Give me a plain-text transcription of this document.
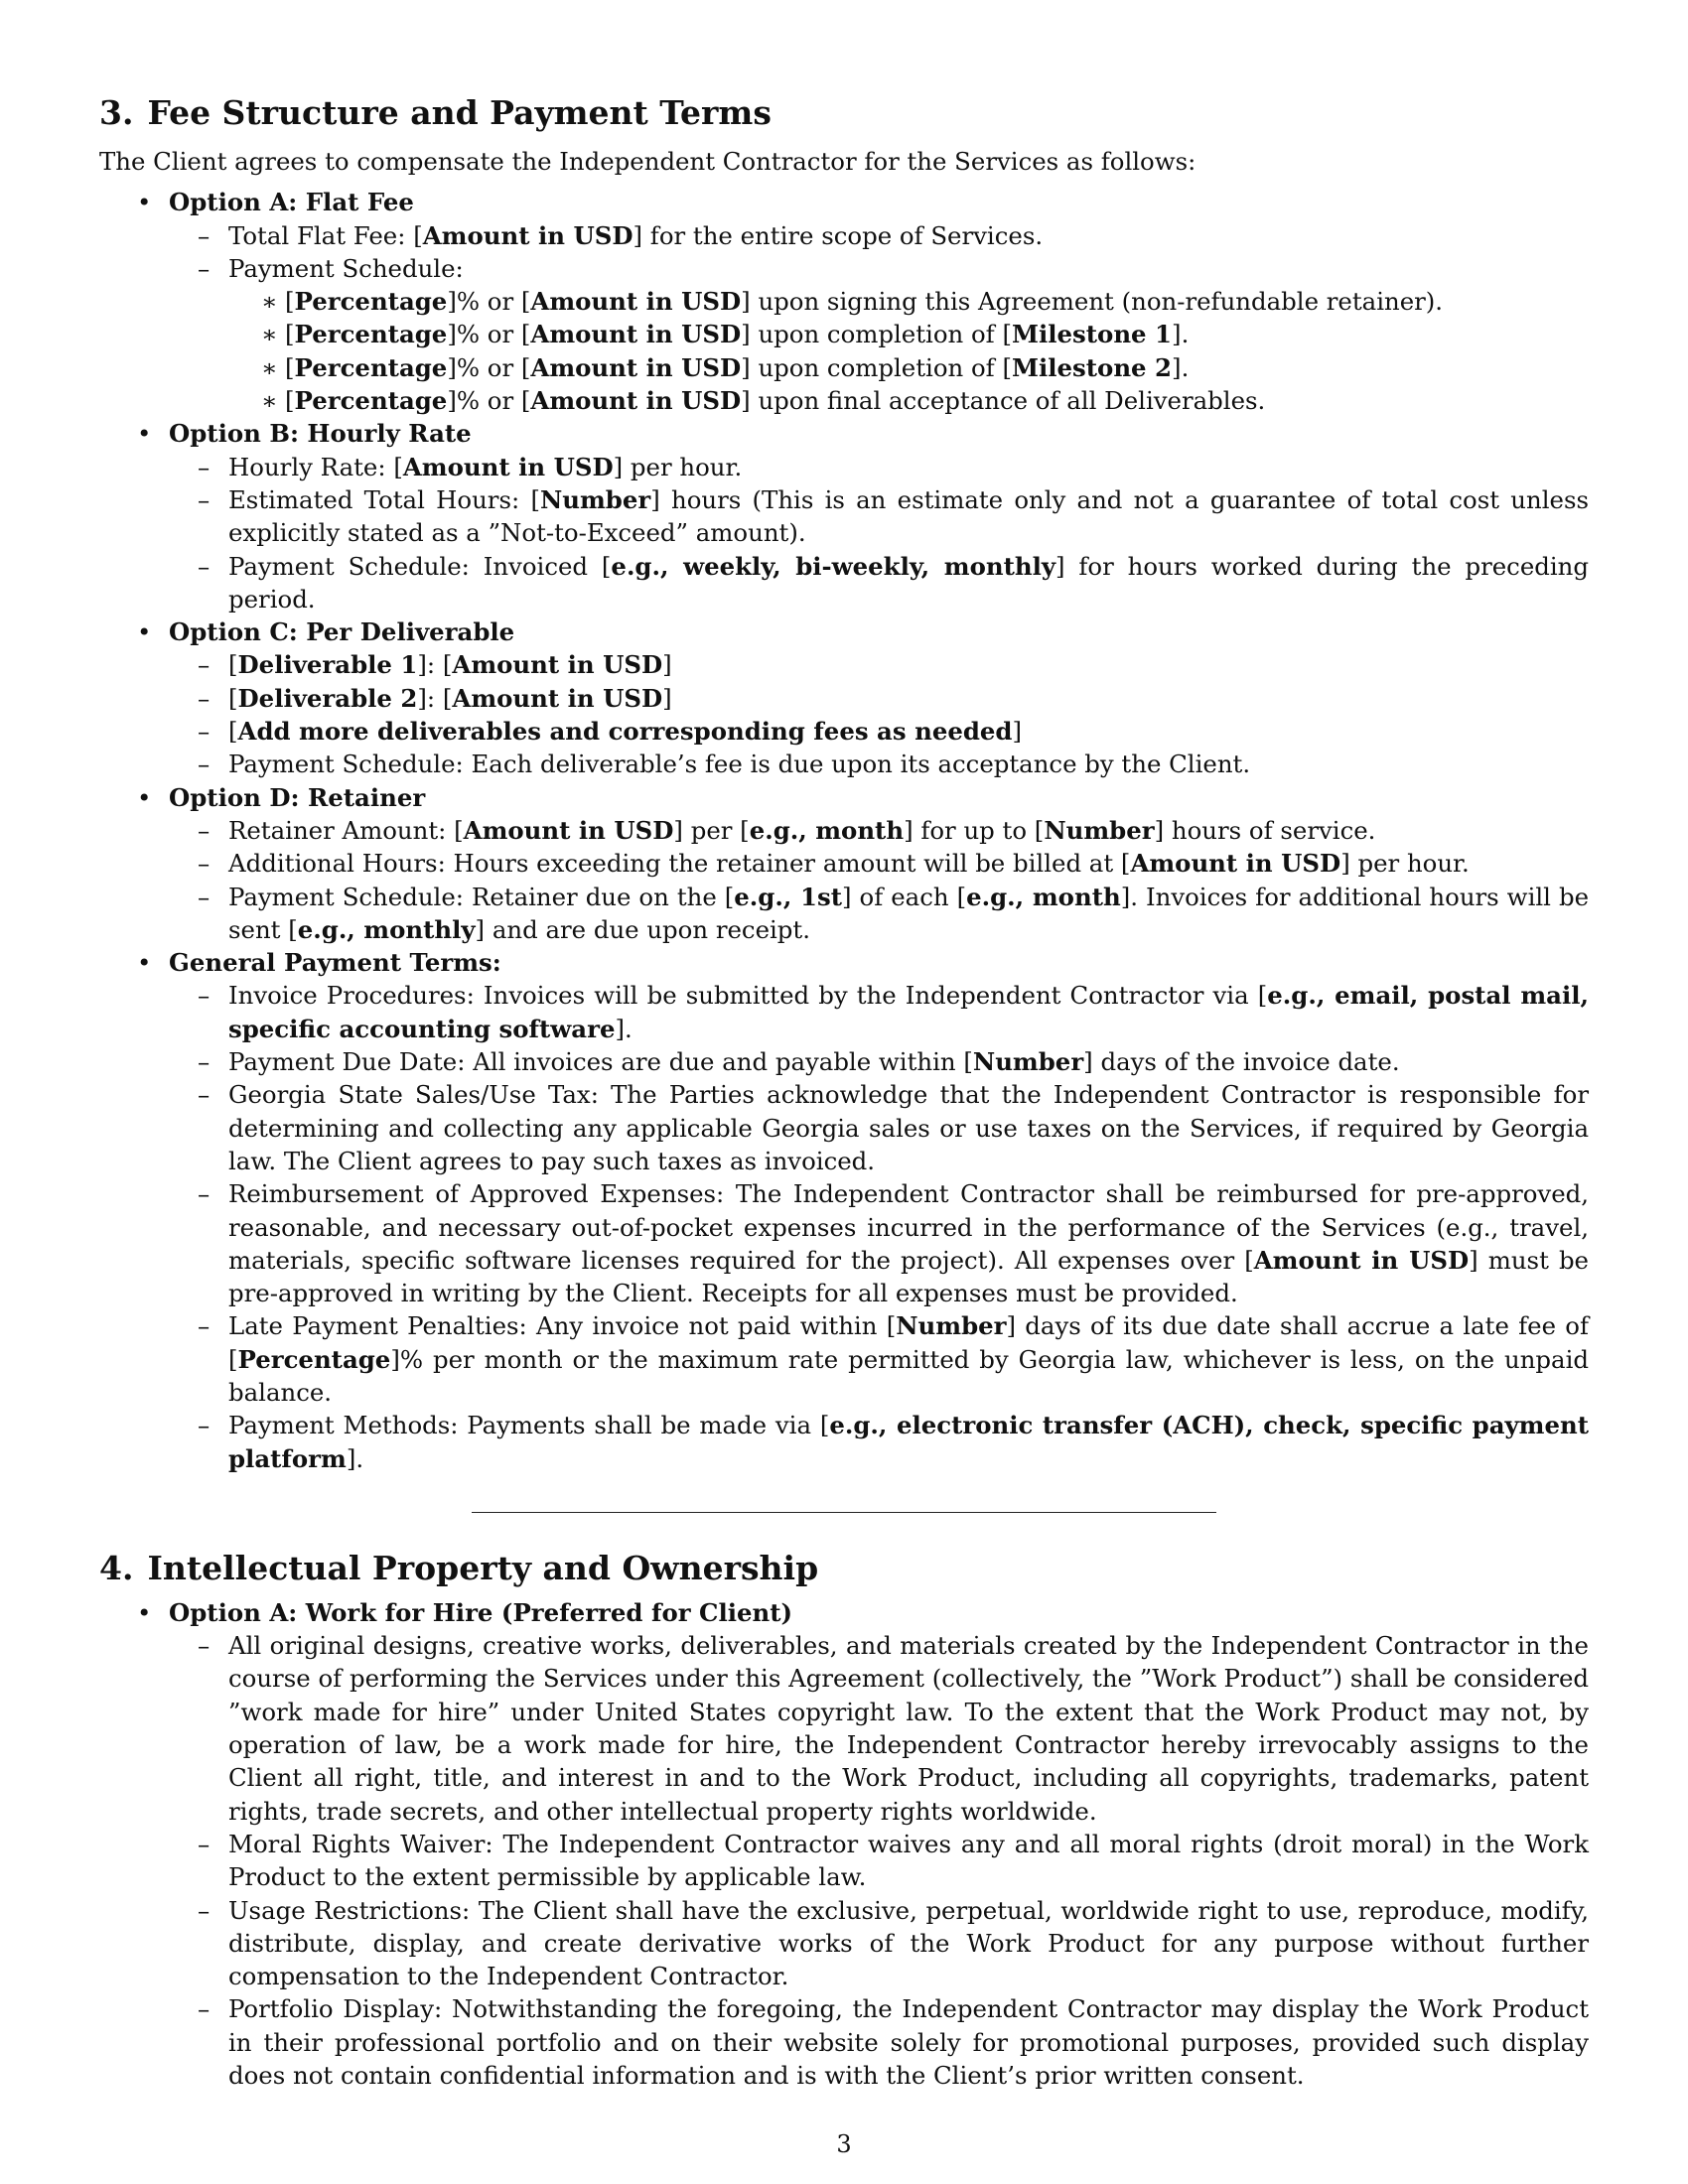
3. Fee Structure and Payment Terms
The Client agrees to compensate the Independent Contractor for the Services as follows:
• Option A: Flat Fee
– Total Flat Fee: [Amount in USD] for the entire scope of Services.
– Payment Schedule:
∗ [Percentage]% or [Amount in USD] upon signing this Agreement (non-refundable retainer).
∗ [Percentage]% or [Amount in USD] upon completion of [Milestone 1].
∗ [Percentage]% or [Amount in USD] upon completion of [Milestone 2].
∗ [Percentage]% or [Amount in USD] upon final acceptance of all Deliverables.
• Option B: Hourly Rate
– Hourly Rate: [Amount in USD] per hour.
– Estimated Total Hours: [Number] hours (This is an estimate only and not a guarantee of total cost unless explicitly stated as a ”Not-to-Exceed” amount).
– Payment Schedule: Invoiced [e.g., weekly, bi-weekly, monthly] for hours worked during the preceding period.
• Option C: Per Deliverable
– [Deliverable 1]: [Amount in USD]
– [Deliverable 2]: [Amount in USD]
– [Add more deliverables and corresponding fees as needed]
– Payment Schedule: Each deliverable’s fee is due upon its acceptance by the Client.
• Option D: Retainer
– Retainer Amount: [Amount in USD] per [e.g., month] for up to [Number] hours of service.
– Additional Hours: Hours exceeding the retainer amount will be billed at [Amount in USD] per hour.
– Payment Schedule: Retainer due on the [e.g., 1st] of each [e.g., month]. Invoices for additional hours will be sent [e.g., monthly] and are due upon receipt.
• General Payment Terms:
– Invoice Procedures: Invoices will be submitted by the Independent Contractor via [e.g., email, postal mail, specific accounting software].
– Payment Due Date: All invoices are due and payable within [Number] days of the invoice date.
– Georgia State Sales/Use Tax: The Parties acknowledge that the Independent Contractor is responsible for determining and collecting any applicable Georgia sales or use taxes on the Services, if required by Georgia law. The Client agrees to pay such taxes as invoiced.
– Reimbursement of Approved Expenses: The Independent Contractor shall be reimbursed for pre-approved, reasonable, and necessary out-of-pocket expenses incurred in the performance of the Services (e.g., travel, materials, specific software licenses required for the project). All expenses over [Amount in USD] must be pre-approved in writing by the Client. Receipts for all expenses must be provided.
– Late Payment Penalties: Any invoice not paid within [Number] days of its due date shall accrue a late fee of [Percentage]% per month or the maximum rate permitted by Georgia law, whichever is less, on the unpaid balance.
– Payment Methods: Payments shall be made via [e.g., electronic transfer (ACH), check, specific payment platform].
4. Intellectual Property and Ownership
• Option A: Work for Hire (Preferred for Client)
– All original designs, creative works, deliverables, and materials created by the Independent Contractor in the course of performing the Services under this Agreement (collectively, the ”Work Product”) shall be considered ”work made for hire” under United States copyright law. To the extent that the Work Product may not, by operation of law, be a work made for hire, the Independent Contractor hereby irrevocably assigns to the Client all right, title, and interest in and to the Work Product, including all copyrights, trademarks, patent rights, trade secrets, and other intellectual property rights worldwide.
– Moral Rights Waiver: The Independent Contractor waives any and all moral rights (droit moral) in the Work Product to the extent permissible by applicable law.
– Usage Restrictions: The Client shall have the exclusive, perpetual, worldwide right to use, reproduce, modify, distribute, display, and create derivative works of the Work Product for any purpose without further compensation to the Independent Contractor.
– Portfolio Display: Notwithstanding the foregoing, the Independent Contractor may display the Work Product in their professional portfolio and on their website solely for promotional purposes, provided such display does not contain confidential information and is with the Client’s prior written consent.
3
